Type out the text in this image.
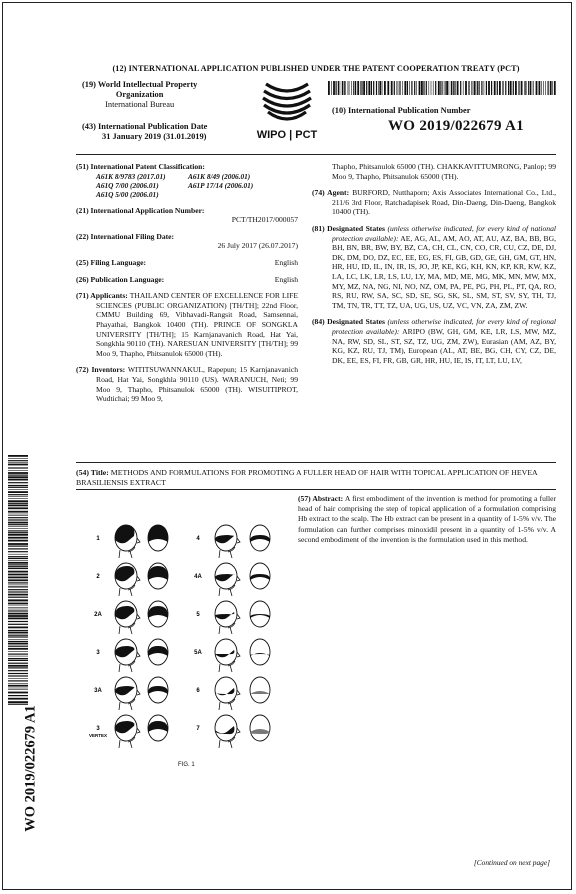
(12) INTERNATIONAL APPLICATION PUBLISHED UNDER THE PATENT COOPERATION TREATY (PCT)
(19) World Intellectual Property
Organization
International Bureau
(43) International Publication Date
31 January 2019 (31.01.2019)	WIPO | PCT
(10) International Publication Number
WO 2019/022679 A1
(51) International Patent Classification:
A61K 8/9783 (2017.01)	A61K 8/49 (2006.01)
A61Q 7/00 (2006.01)	A61P 17/14 (2006.01)
A61Q 5/00 (2006.01)
(21) International Application Number:
PCT/TH2017/000057
(22) International Filing Date:
26 July 2017 (26.07.2017)
(25) Filing Language:	English
(26) Publication Language:	English
(71) Applicants: THAILAND CENTER OF EXCELLENCE FOR LIFE SCIENCES (PUBLIC ORGANIZATION) [TH/TH]; 22nd Floor, CMMU Building 69, Vibhavadi-Rangsit Road, Samsennai, Phayathai, Bangkok 10400 (TH). PRINCE OF SONGKLA UNIVERSITY [TH/TH]; 15 Karnjanavanich Road, Hat Yai, Songkhla 90110 (TH). NARESUAN UNIVERSITY [TH/TH]; 99 Moo 9, Thapho, Phitsanulok 65000 (TH).
(72) Inventors: WITITSUWANNAKUL, Rapepun; 15 Karnjanavanich Road, Hat Yai, Songkhla 90110 (US). WARANUCH, Neti; 99 Moo 9, Thapho, Phitsanulok 65000 (TH). WISUITIPROT, Wudtichai; 99 Moo 9,
Thapho, Phitsanulok 65000 (TH). CHAKKAVITTUMRONG, Panlop; 99 Moo 9, Thapho, Phitsanulok 65000 (TH).
(74) Agent: BURFORD, Nutthaporn; Axis Associates International Co., Ltd., 211/6 3rd Floor, Ratchadapisek Road, Din-Daeng, Din-Daeng, Bangkok 10400 (TH).
(81) Designated States (unless otherwise indicated, for every kind of national protection available): AE, AG, AL, AM, AO, AT, AU, AZ, BA, BB, BG, BH, BN, BR, BW, BY, BZ, CA, CH, CL, CN, CO, CR, CU, CZ, DE, DJ, DK, DM, DO, DZ, EC, EE, EG, ES, FI, GB, GD, GE, GH, GM, GT, HN, HR, HU, ID, IL, IN, IR, IS, JO, JP, KE, KG, KH, KN, KP, KR, KW, KZ, LA, LC, LK, LR, LS, LU, LY, MA, MD, ME, MG, MK, MN, MW, MX, MY, MZ, NA, NG, NI, NO, NZ, OM, PA, PE, PG, PH, PL, PT, QA, RO, RS, RU, RW, SA, SC, SD, SE, SG, SK, SL, SM, ST, SV, SY, TH, TJ, TM, TN, TR, TT, TZ, UA, UG, US, UZ, VC, VN, ZA, ZM, ZW.
(84) Designated States (unless otherwise indicated, for every kind of regional protection available): ARIPO (BW, GH, GM, KE, LR, LS, MW, MZ, NA, RW, SD, SL, ST, SZ, TZ, UG, ZM, ZW), Eurasian (AM, AZ, BY, KG, KZ, RU, TJ, TM), European (AL, AT, BE, BG, CH, CY, CZ, DE, DK, EE, ES, FI, FR, GB, GR, HR, HU, IE, IS, IT, LT, LU, LV,
(54) Title: METHODS AND FORMULATIONS FOR PROMOTING A FULLER HEAD OF HAIR WITH TOPICAL APPLICATION OF HEVEA BRASILIENSIS EXTRACT
(57) Abstract: A first embodiment of the invention is method for promoting a fuller head of hair comprising the step of topical application of a formulation comprising Hb extract to the scalp. The Hb extract can be present in a quantity of 1-5% v/v. The formulation can further comprises minoxidil present in a quantity of 1-5% v/v. A second embodiment of the invention is the formulation used in this method.
1	4
2	4A
2A	5
3	5A
3A	6
3
VERTEX
7
FIG. 1
WO 2019/022679 A1
[Continued on next page]
